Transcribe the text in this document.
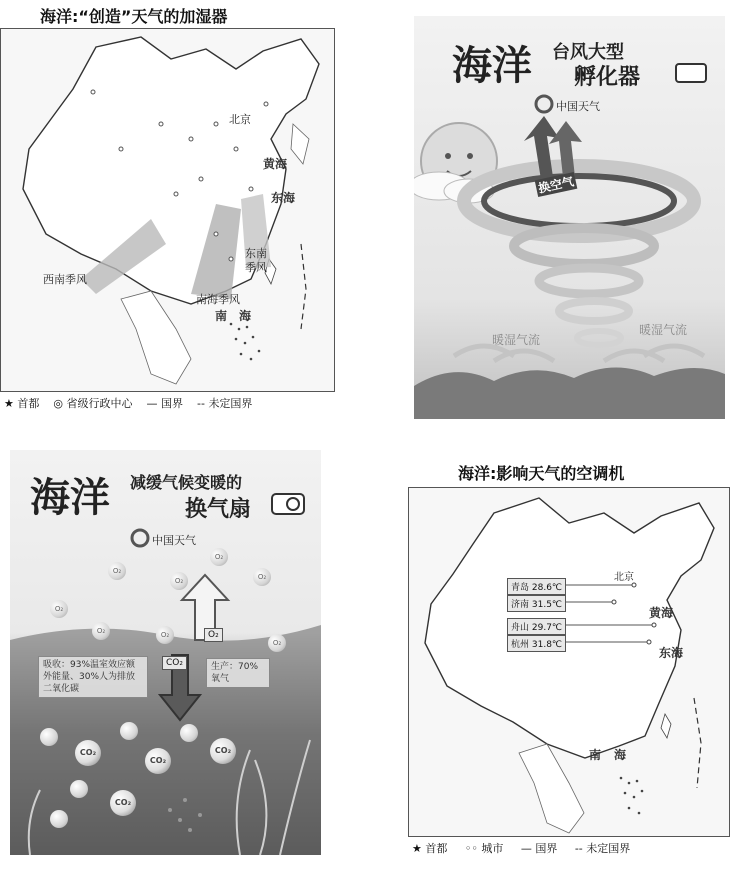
海洋:“创造”天气的加湿器
北京
黄海
东海
东南
季风
西南季风
南海季风
南 海
★ 首都 ◎ 省级行政中心 — 国界 -- 未定国界
海洋 台风大型
孵化器
中国天气
换空气
暖湿气流
暖湿气流
海洋 减缓气候变暖的
换气扇
中国天气
O₂
O₂	O₂
O₂	O₂
O₂
O₂
O₂
O₂
CO₂
吸收：93%温室效应额外能量、30%人为排放二氧化碳
生产：70%氧气
CO₂
CO₂
CO₂
CO₂
海洋:影响天气的空调机
北京
黄海
东海
南 海
青岛 28.6℃
济南 31.5℃
舟山 29.7℃
杭州 31.8℃
★ 首都 ◦◦ 城市 — 国界 -- 未定国界
